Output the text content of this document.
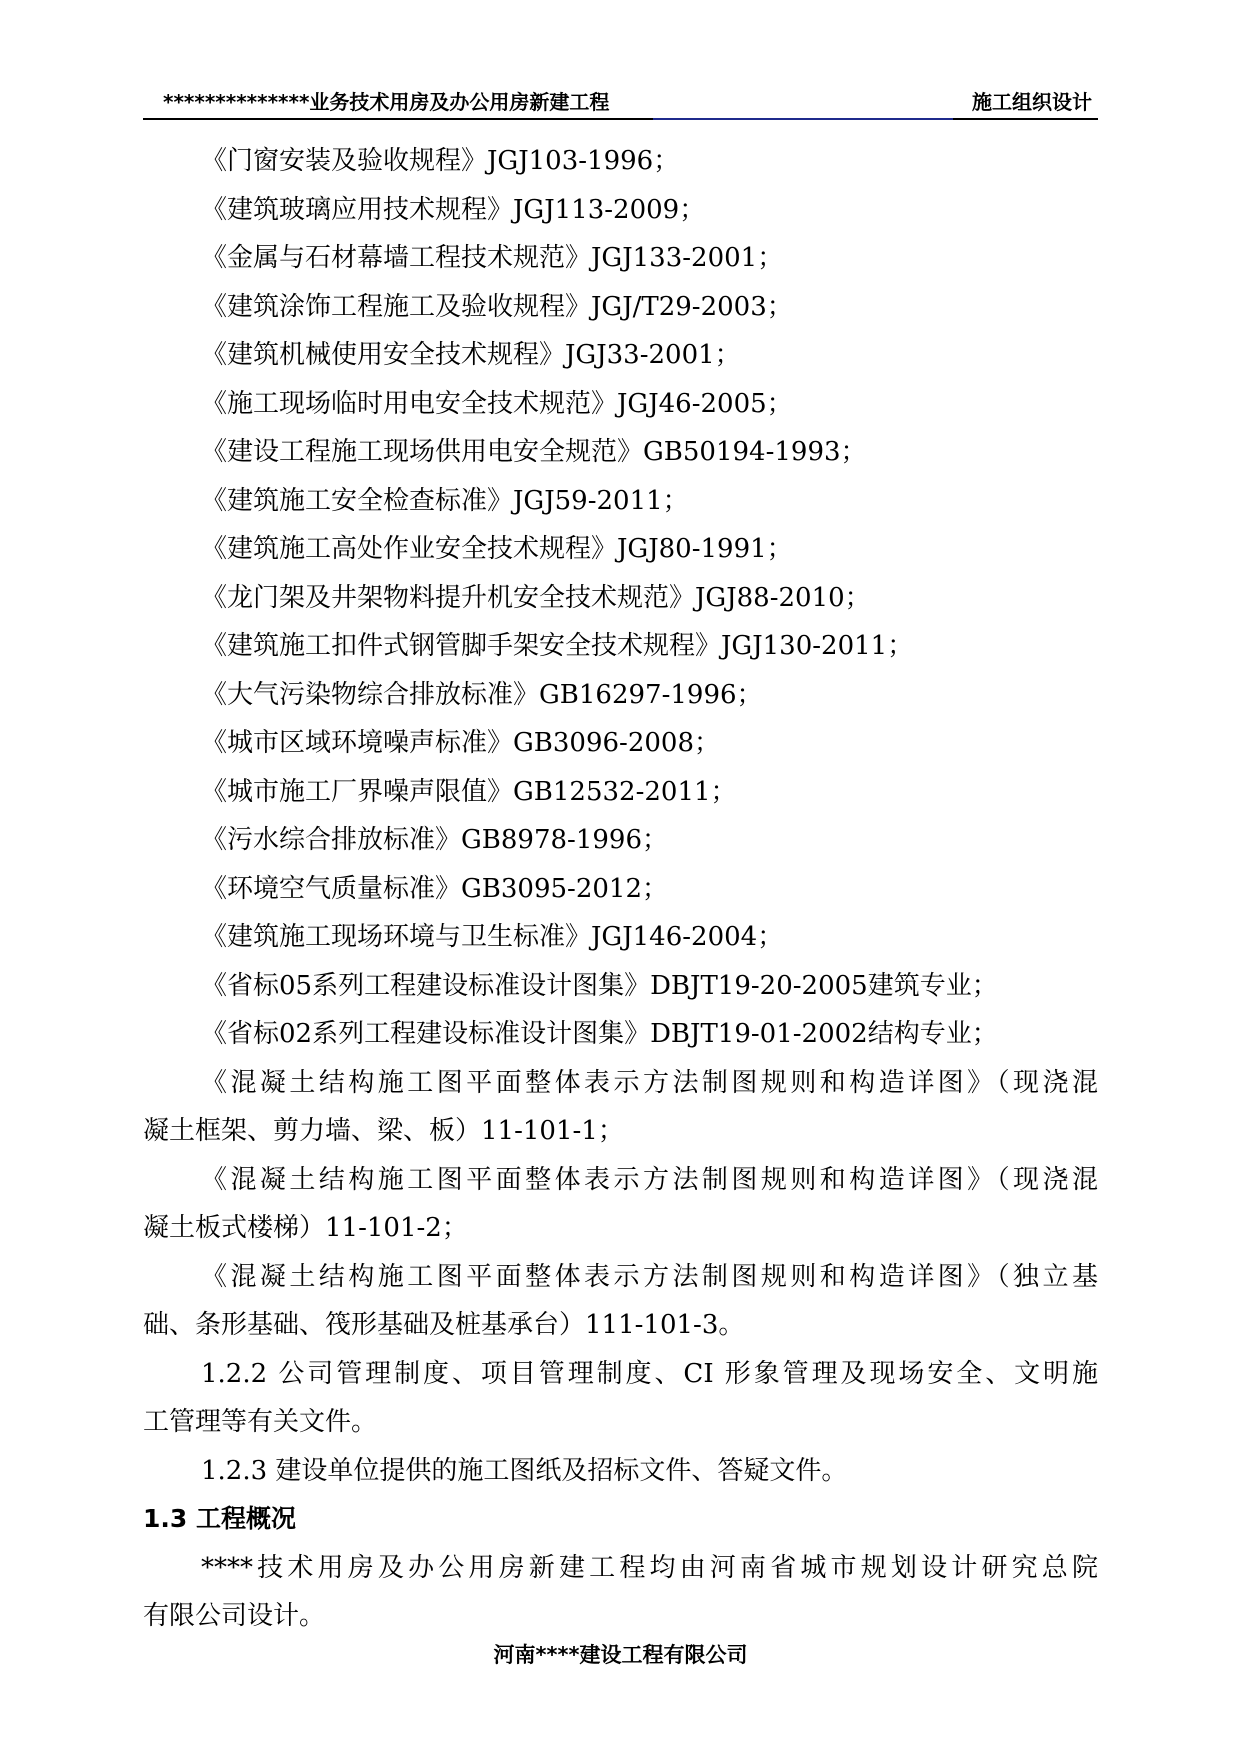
**************业务技术用房及办公用房新建工程	施工组织设计
《门窗安装及验收规程》JGJ103-1996；
《建筑玻璃应用技术规程》JGJ113-2009；
《金属与石材幕墙工程技术规范》JGJ133-2001；
《建筑涂饰工程施工及验收规程》JGJ/T29-2003；
《建筑机械使用安全技术规程》JGJ33-2001；
《施工现场临时用电安全技术规范》JGJ46-2005；
《建设工程施工现场供用电安全规范》GB50194-1993；
《建筑施工安全检查标准》JGJ59-2011；
《建筑施工高处作业安全技术规程》JGJ80-1991；
《龙门架及井架物料提升机安全技术规范》JGJ88-2010；
《建筑施工扣件式钢管脚手架安全技术规程》JGJ130-2011；
《大气污染物综合排放标准》GB16297-1996；
《城市区域环境噪声标准》GB3096-2008；
《城市施工厂界噪声限值》GB12532-2011；
《污水综合排放标准》GB8978-1996；
《环境空气质量标准》GB3095-2012；
《建筑施工现场环境与卫生标准》JGJ146-2004；
《省标05系列工程建设标准设计图集》DBJT19-20-2005建筑专业；
《省标02系列工程建设标准设计图集》DBJT19-01-2002结构专业；
《混凝土结构施工图平面整体表示方法制图规则和构造详图》（现浇混
凝土框架、剪力墙、梁、板）11-101-1；
《混凝土结构施工图平面整体表示方法制图规则和构造详图》（现浇混
凝土板式楼梯）11-101-2；
《混凝土结构施工图平面整体表示方法制图规则和构造详图》（独立基
础、条形基础、筏形基础及桩基承台）111-101-3。
1.2.2 公司管理制度、项目管理制度、CI 形象管理及现场安全、文明施
工管理等有关文件。
1.2.3 建设单位提供的施工图纸及招标文件、答疑文件。
1.3 工程概况
****技术用房及办公用房新建工程均由河南省城市规划设计研究总院
有限公司设计。
河南****建设工程有限公司
